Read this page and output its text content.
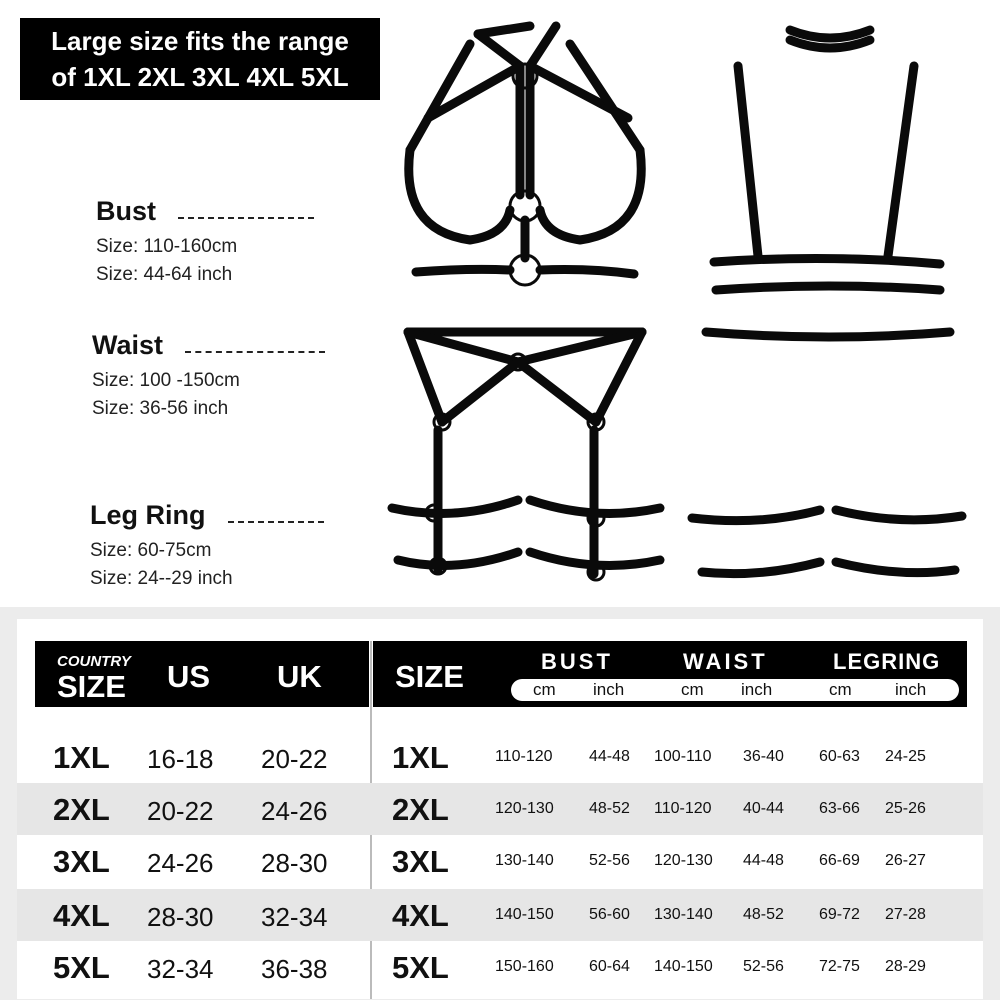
Large size fits the range
of 1XL 2XL 3XL 4XL 5XL
Bust
Size: 110-160cm
Size: 44-64 inch
Waist
Size: 100 -150cm
Size: 36-56 inch
Leg Ring
Size: 60-75cm
Size: 24--29 inch
COUNTRY
SIZE US UK SIZE	BUST	WAIST	LEGRING
cm inch	cm inch	cm	inch
1XL 16-18 20-22 1XL	110-120 44-48 100-110 36-40 60-63 24-25
2XL 20-22 24-26 2XL	120-130 48-52 110-120 40-44 63-66 25-26
3XL 24-26 28-30 3XL	130-140 52-56 120-130 44-48 66-69 26-27
4XL 28-30 32-34 4XL	140-150 56-60 130-140 48-52 69-72 27-28
5XL 32-34 36-38 5XL	150-160 60-64 140-150 52-56 72-75 28-29
